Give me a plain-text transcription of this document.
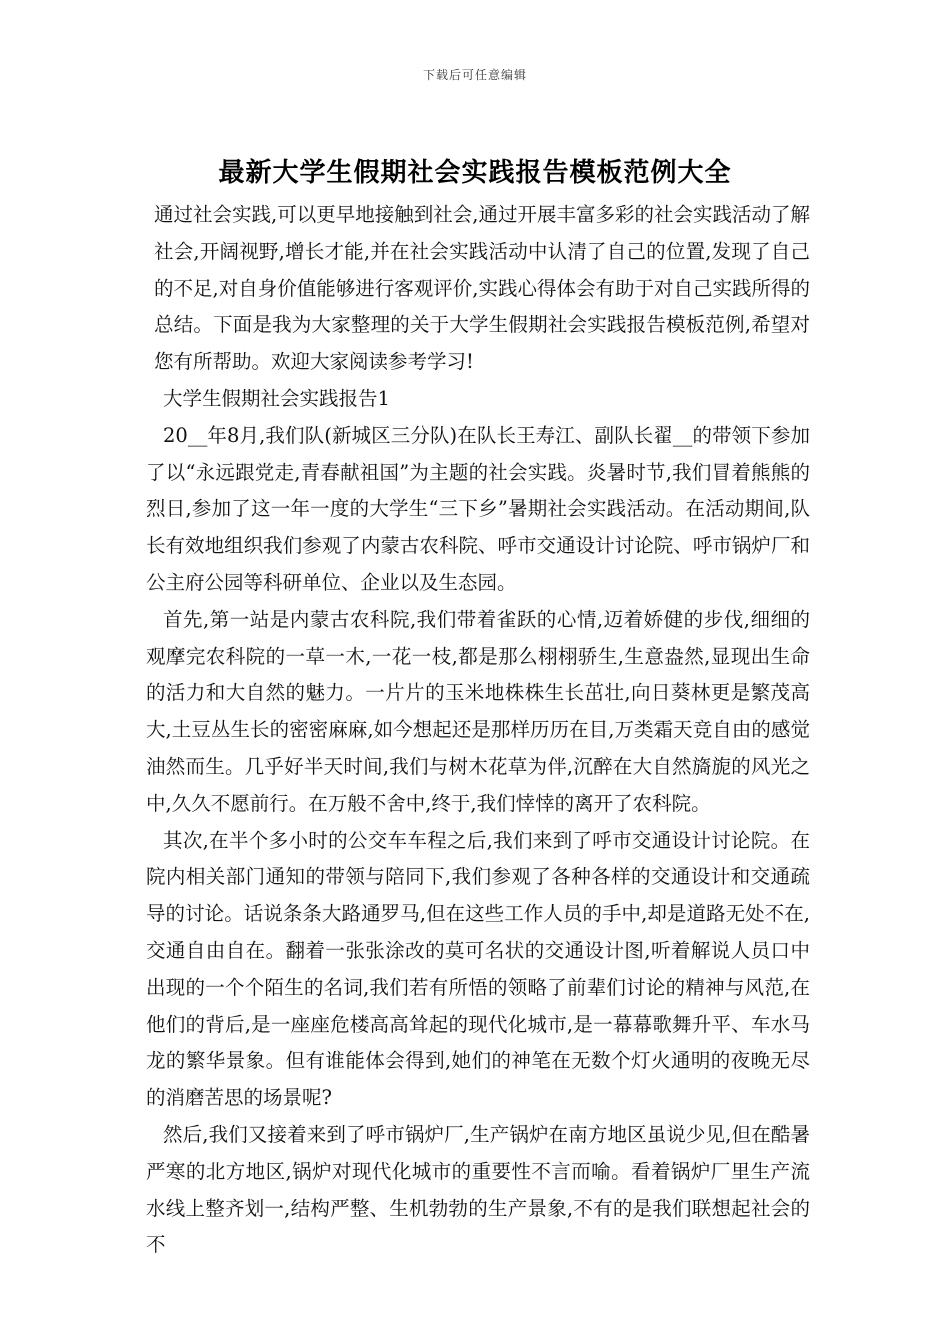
下载后可任意编辑
最新大学生假期社会实践报告模板范例大全

通过社会实践,可以更早地接触到社会,通过开展丰富多彩的社会实践活动了解社会,开阔视野,增长才能,并在社会实践活动中认清了自己的位置,发现了自己的不足,对自身价值能够进行客观评价,实践心得体会有助于对自己实践所得的总结。下面是我为大家整理的关于大学生假期社会实践报告模板范例,希望对您有所帮助。欢迎大家阅读参考学习!

大学生假期社会实践报告1

20__年8月,我们队(新城区三分队)在队长王寿江、副队长翟__的带领下参加了以“永远跟党走,青春献祖国”为主题的社会实践。炎暑时节,我们冒着熊熊的烈日,参加了这一年一度的大学生“三下乡”暑期社会实践活动。在活动期间,队长有效地组织我们参观了内蒙古农科院、呼市交通设计讨论院、呼市锅炉厂和公主府公园等科研单位、企业以及生态园。

首先,第一站是内蒙古农科院,我们带着雀跃的心情,迈着娇健的步伐,细细的观摩完农科院的一草一木,一花一枝,都是那么栩栩骄生,生意盎然,显现出生命的活力和大自然的魅力。一片片的玉米地株株生长茁壮,向日葵林更是繁茂高大,土豆丛生长的密密麻麻,如今想起还是那样历历在目,万类霜天竞自由的感觉油然而生。几乎好半天时间,我们与树木花草为伴,沉醉在大自然旖旎的风光之中,久久不愿前行。在万般不舍中,终于,我们悻悻的离开了农科院。

其次,在半个多小时的公交车车程之后,我们来到了呼市交通设计讨论院。在院内相关部门通知的带领与陪同下,我们参观了各种各样的交通设计和交通疏导的讨论。话说条条大路通罗马,但在这些工作人员的手中,却是道路无处不在,交通自由自在。翻着一张张涂改的莫可名状的交通设计图,听着解说人员口中出现的一个个陌生的名词,我们若有所悟的领略了前辈们讨论的精神与风范,在他们的背后,是一座座危楼高高耸起的现代化城市,是一幕幕歌舞升平、车水马龙的繁华景象。但有谁能体会得到,她们的神笔在无数个灯火通明的夜晚无尽的消磨苦思的场景呢?

然后,我们又接着来到了呼市锅炉厂,生产锅炉在南方地区虽说少见,但在酷暑严寒的北方地区,锅炉对现代化城市的重要性不言而喻。看着锅炉厂里生产流水线上整齐划一,结构严整、生机勃勃的生产景象,不有的是我们联想起社会的不
